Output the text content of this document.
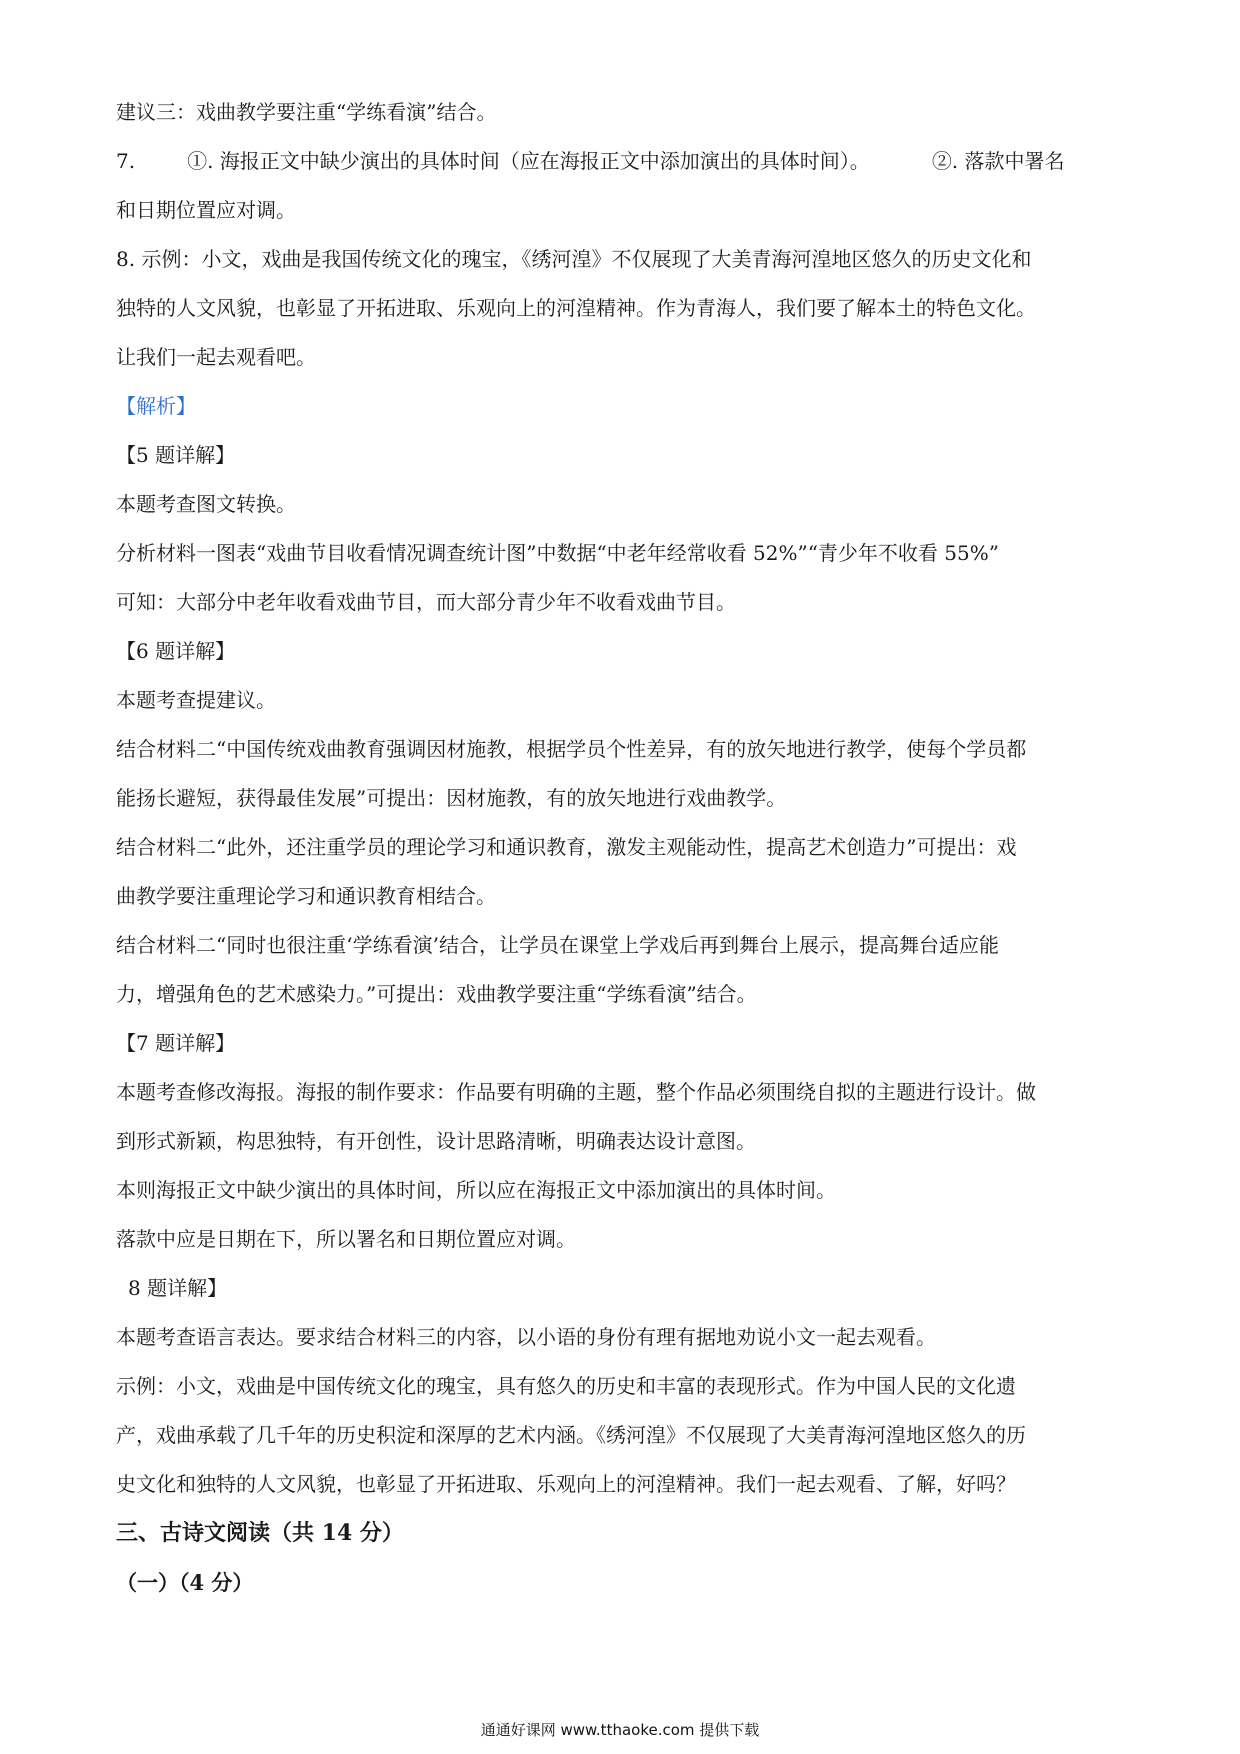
建议三：戏曲教学要注重“学练看演”结合。
7.	①. 海报正文中缺少演出的具体时间（应在海报正文中添加演出的具体时间）。	②. 落款中署名
和日期位置应对调。
8. 示例：小文，戏曲是我国传统文化的瑰宝，《绣河湟》不仅展现了大美青海河湟地区悠久的历史文化和
独特的人文风貌，也彰显了开拓进取、乐观向上的河湟精神。作为青海人，我们要了解本土的特色文化。
让我们一起去观看吧。
【解析】
【5 题详解】
本题考查图文转换。
分析材料一图表“戏曲节目收看情况调查统计图”中数据“中老年经常收看 52%”“青少年不收看 55%”
可知：大部分中老年收看戏曲节目，而大部分青少年不收看戏曲节目。
【6 题详解】
本题考查提建议。
结合材料二“中国传统戏曲教育强调因材施教，根据学员个性差异，有的放矢地进行教学，使每个学员都
能扬长避短，获得最佳发展”可提出：因材施教，有的放矢地进行戏曲教学。
结合材料二“此外，还注重学员的理论学习和通识教育，激发主观能动性，提高艺术创造力”可提出：戏
曲教学要注重理论学习和通识教育相结合。
结合材料二“同时也很注重‘学练看演’结合，让学员在课堂上学戏后再到舞台上展示，提高舞台适应能
力，增强角色的艺术感染力。”可提出：戏曲教学要注重“学练看演”结合。
【7 题详解】
本题考查修改海报。海报的制作要求：作品要有明确的主题，整个作品必须围绕自拟的主题进行设计。做
到形式新颖，构思独特，有开创性，设计思路清晰，明确表达设计意图。
本则海报正文中缺少演出的具体时间，所以应在海报正文中添加演出的具体时间。
落款中应是日期在下，所以署名和日期位置应对调。
8 题详解】
本题考查语言表达。要求结合材料三的内容，以小语的身份有理有据地劝说小文一起去观看。
示例：小文，戏曲是中国传统文化的瑰宝，具有悠久的历史和丰富的表现形式。作为中国人民的文化遗
产，戏曲承载了几千年的历史积淀和深厚的艺术内涵。《绣河湟》不仅展现了大美青海河湟地区悠久的历
史文化和独特的人文风貌，也彰显了开拓进取、乐观向上的河湟精神。我们一起去观看、了解，好吗？
三、古诗文阅读（共 14 分）
（一）（4 分）
通通好课网 www.tthaoke.com 提供下载
